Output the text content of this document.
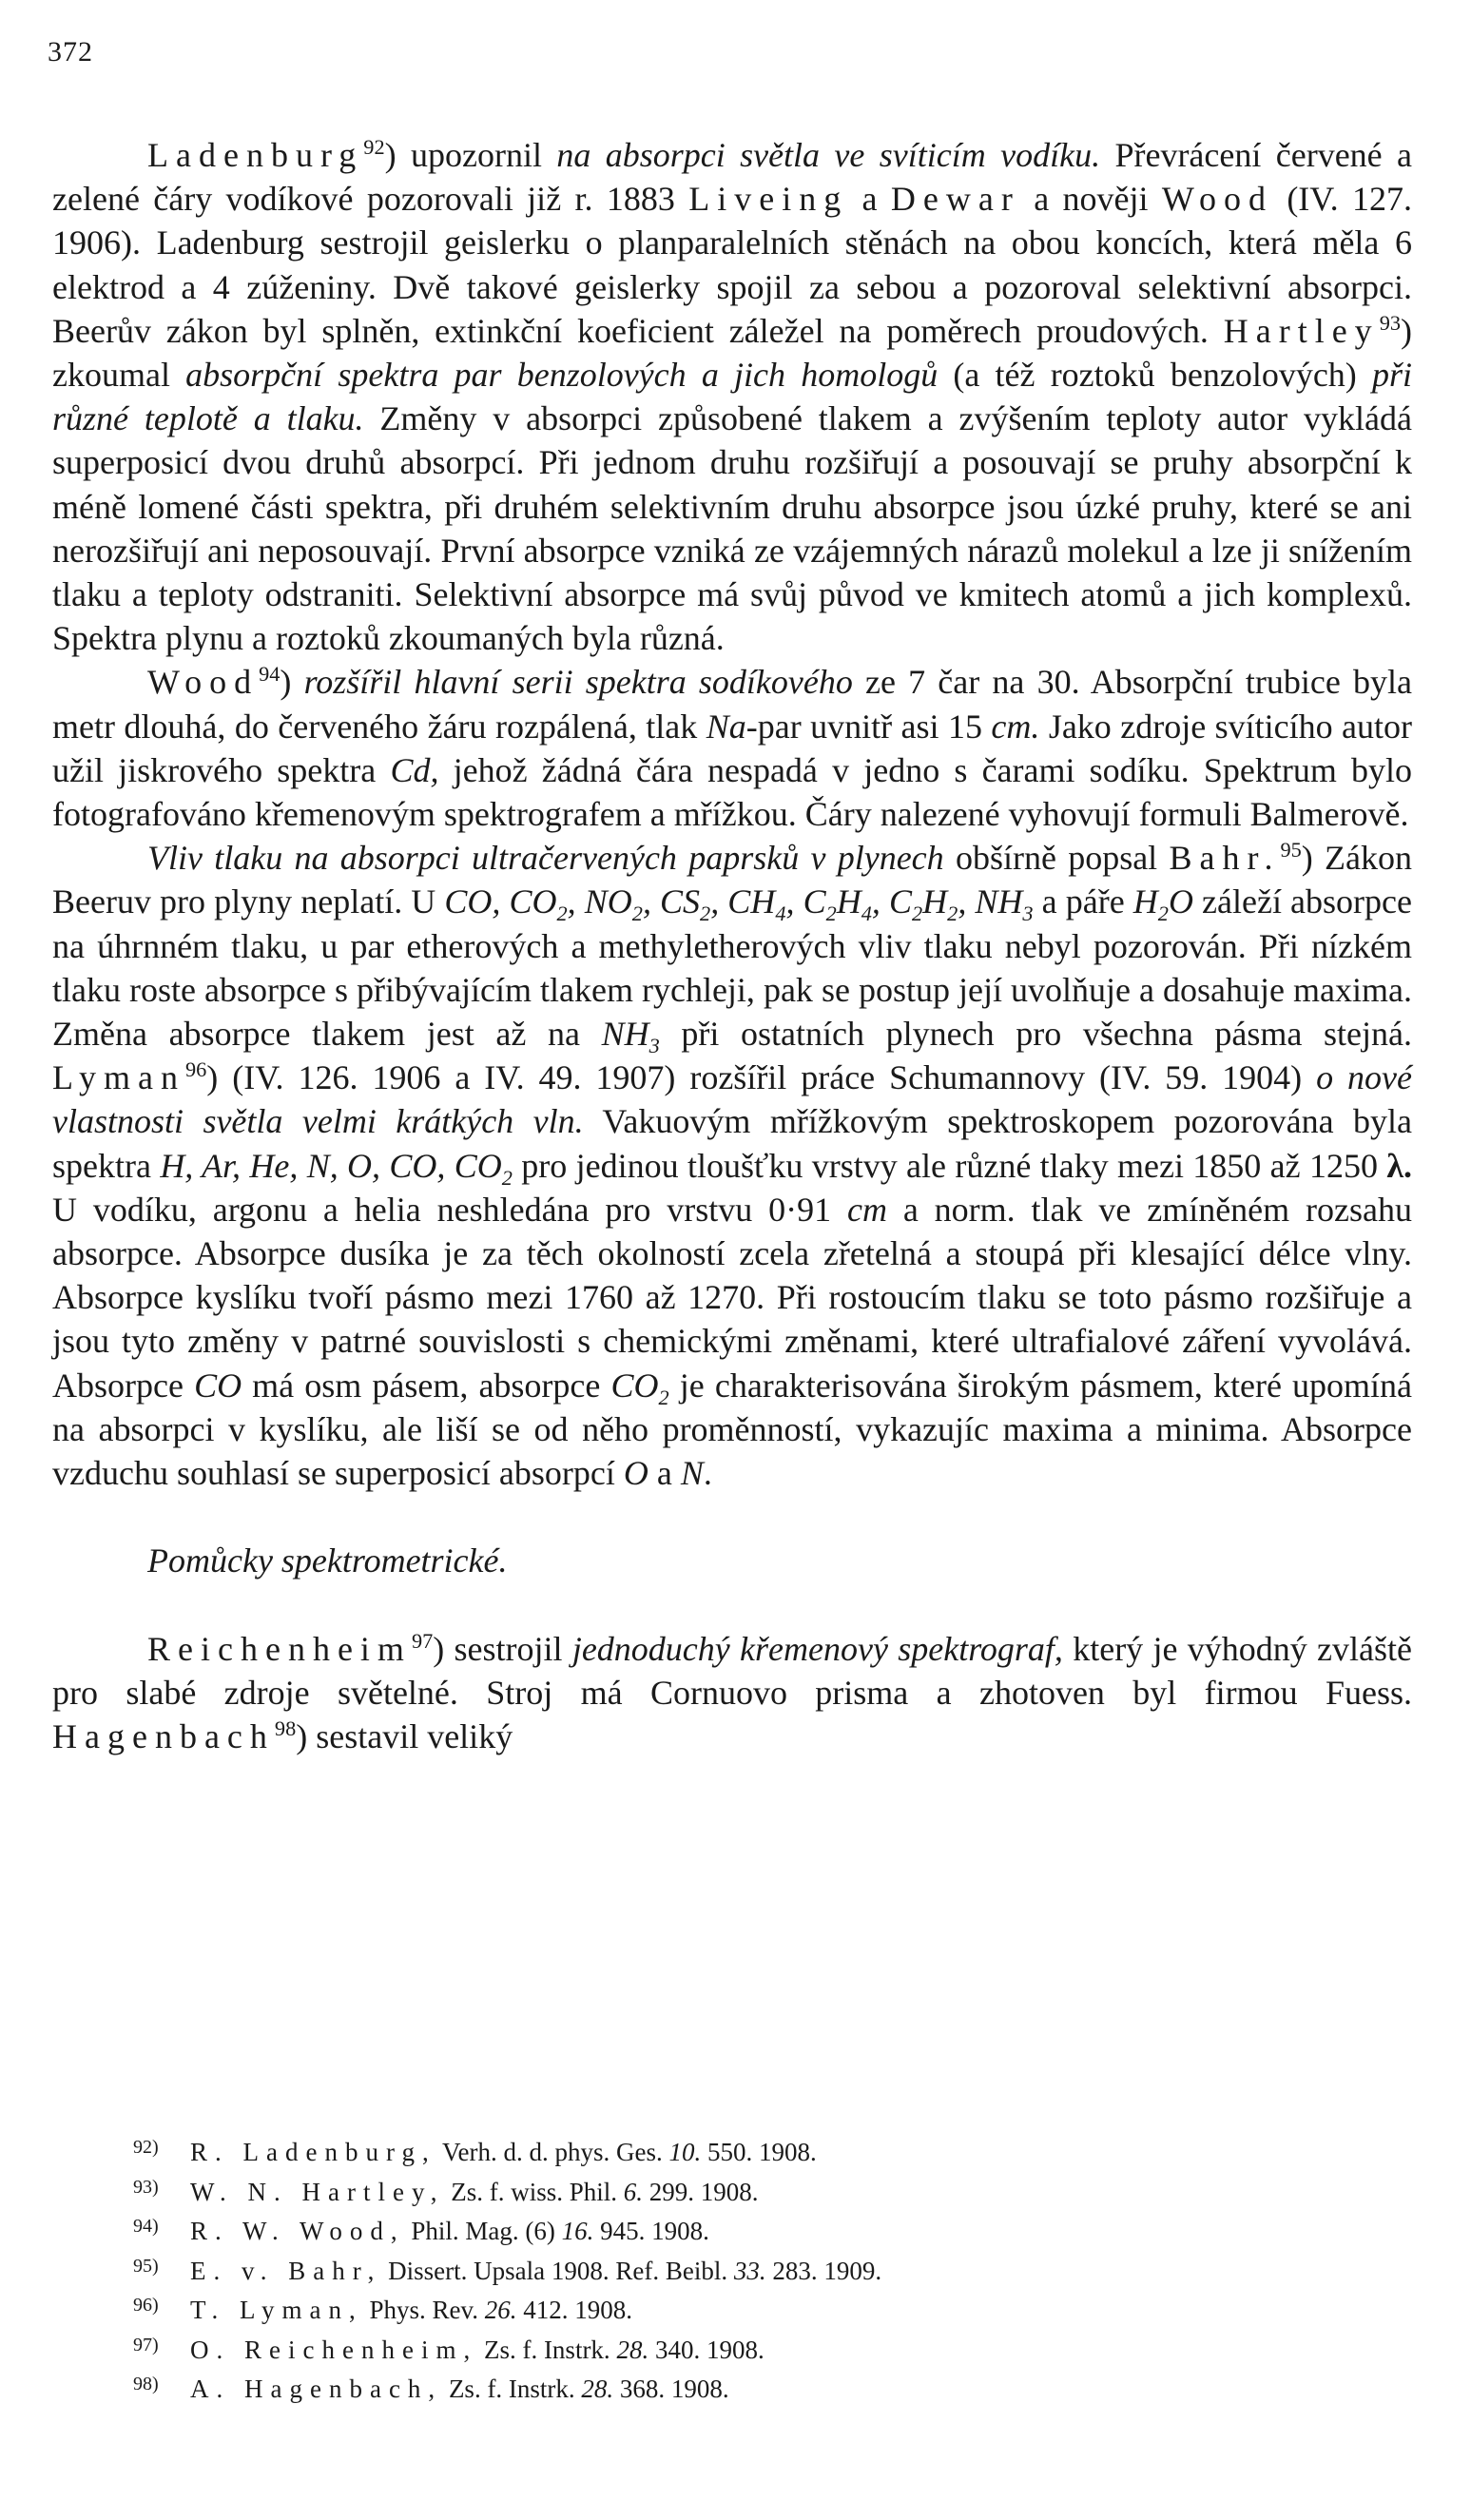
372

Ladenburg$^{92}$) upozornil na absorpci světla ve svíticím vodíku. Převrácení červené a zelené čáry vodíkové pozorovali již r. 1883 Liveing a Dewar a nověji Wood (IV. 127. 1906). Ladenburg sestrojil geislerku o planparalelních stěnách na obou koncích, která měla 6 elektrod a 4 zúženiny. Dvě takové geislerky spojil za sebou a pozoroval selektivní absorpci. Beerův zákon byl splněn, extinkční koeficient záležel na poměrech proudových. Hartley$^{93}$) zkoumal absorpční spektra par benzolových a jich homologů (a též roztoků benzolových) při různé teplotě a tlaku. Změny v absorpci způsobené tlakem a zvýšením teploty autor vykládá superposicí dvou druhů absorpcí. Při jednom druhu rozšiřují a posouvají se pruhy absorpční k méně lomené části spektra, při druhém selektivním druhu absorpce jsou úzké pruhy, které se ani nerozšiřují ani neposouvají. První absorpce vzniká ze vzájemných nárazů molekul a lze ji snížením tlaku a teploty odstraniti. Selektivní absorpce má svůj původ ve kmitech atomů a jich komplexů. Spektra plynu a roztoků zkoumaných byla různá.

Wood$^{94}$) rozšířil hlavní serii spektra sodíkového ze 7 čar na 30. Absorpční trubice byla metr dlouhá, do červeného žáru rozpálená, tlak Na-par uvnitř asi 15 cm. Jako zdroje svíticího autor užil jiskrového spektra Cd, jehož žádná čára nespadá v jedno s čarami sodíku. Spektrum bylo fotografováno křemenovým spektrografem a mřížkou. Čáry nalezené vyhovují formuli Balmerově.

Vliv tlaku na absorpci ultračervených paprsků v plynech obšírně popsal Bahr.$^{95}$) Zákon Beeruv pro plyny neplatí. U CO, $CO_2$, $NO_2$, $CS_2$, $CH_4$, $C_2H_4$, $C_2H_2$, $NH_3$ a páře $H_2O$ záleží absorpce na úhrnném tlaku, u par etherových a methyletherových vliv tlaku nebyl pozorován. Při nízkém tlaku roste absorpce s přibývajícím tlakem rychleji, pak se postup její uvolňuje a dosahuje maxima. Změna absorpce tlakem jest až na $NH_3$ při ostatních plynech pro všechna pásma stejná. Lyman$^{96}$) (IV. 126. 1906 a IV. 49. 1907) rozšířil práce Schumannovy (IV. 59. 1904) o nové vlastnosti světla velmi krátkých vln. Vakuovým mřížkovým spektroskopem pozorována byla spektra H, Ar, He, N, O, CO, $CO_2$ pro jedinou tloušťku vrstvy ale různé tlaky mezi 1850 až 1250 λ. U vodíku, argonu a helia neshledána pro vrstvu 0·91 cm a norm. tlak ve zmíněném rozsahu absorpce. Absorpce dusíka je za těch okolností zcela zřetelná a stoupá při klesající délce vlny. Absorpce kyslíku tvoří pásmo mezi 1760 až 1270. Při rostoucím tlaku se toto pásmo rozšiřuje a jsou tyto změny v patrné souvislosti s chemickými změnami, které ultrafialové záření vyvolává. Absorpce CO má osm pásem, absorpce $CO_2$ je charakterisována širokým pásmem, které upomíná na absorpci v kyslíku, ale liší se od něho proměnností, vykazujíc maxima a minima. Absorpce vzduchu souhlasí se superposicí absorpcí O a N.

Pomůcky spektrometrické.

Reichenheim$^{97}$) sestrojil jednoduchý křemenový spektrograf, který je výhodný zvláště pro slabé zdroje světelné. Stroj má Cornuovo prisma a zhotoven byl firmou Fuess. Hagenbach$^{98}$) sestavil veliký

92) R. Ladenburg, Verh. d. d. phys. Ges. 10. 550. 1908.

93) W. N. Hartley, Zs. f. wiss. Phil. 6. 299. 1908.

94) R. W. Wood, Phil. Mag. (6) 16. 945. 1908.

95) E. v. Bahr, Dissert. Upsala 1908. Ref. Beibl. 33. 283. 1909.

96) T. Lyman, Phys. Rev. 26. 412. 1908.

97) O. Reichenheim, Zs. f. Instrk. 28. 340. 1908.

98) A. Hagenbach, Zs. f. Instrk. 28. 368. 1908.
